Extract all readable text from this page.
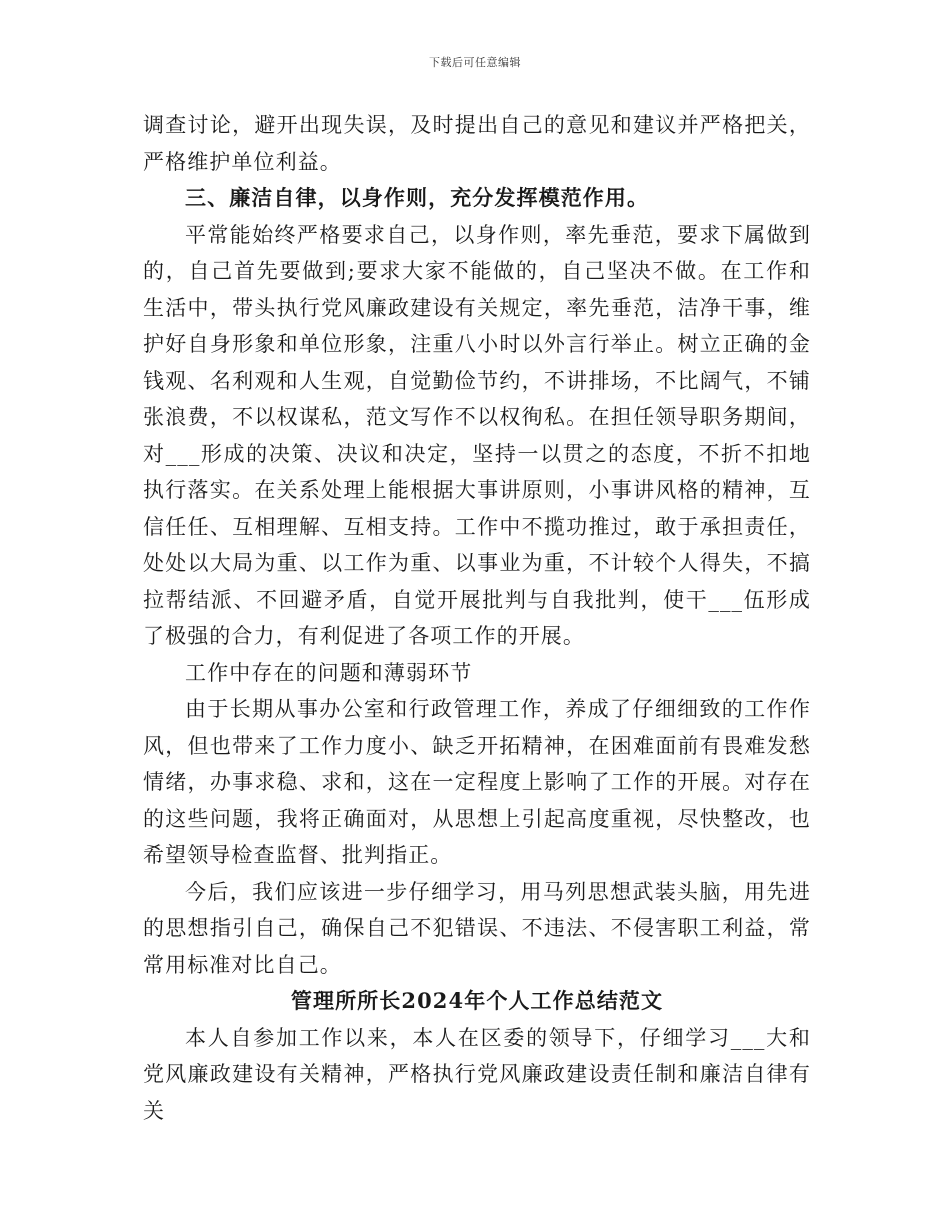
下载后可任意编辑

调查讨论，避开出现失误，及时提出自己的意见和建议并严格把关，严格维护单位利益。

三、廉洁自律，以身作则，充分发挥模范作用。

平常能始终严格要求自己，以身作则，率先垂范，要求下属做到的，自己首先要做到;要求大家不能做的，自己坚决不做。在工作和生活中，带头执行党风廉政建设有关规定，率先垂范，洁净干事，维护好自身形象和单位形象，注重八小时以外言行举止。树立正确的金钱观、名利观和人生观，自觉勤俭节约，不讲排场，不比阔气，不铺张浪费，不以权谋私，范文写作不以权徇私。在担任领导职务期间，对___形成的决策、决议和决定，坚持一以贯之的态度，不折不扣地执行落实。在关系处理上能根据大事讲原则，小事讲风格的精神，互信任任、互相理解、互相支持。工作中不揽功推过，敢于承担责任，处处以大局为重、以工作为重、以事业为重，不计较个人得失，不搞拉帮结派、不回避矛盾，自觉开展批判与自我批判，使干___伍形成了极强的合力，有利促进了各项工作的开展。

工作中存在的问题和薄弱环节

由于长期从事办公室和行政管理工作，养成了仔细细致的工作作风，但也带来了工作力度小、缺乏开拓精神，在困难面前有畏难发愁情绪，办事求稳、求和，这在一定程度上影响了工作的开展。对存在的这些问题，我将正确面对，从思想上引起高度重视，尽快整改，也希望领导检查监督、批判指正。

今后，我们应该进一步仔细学习，用马列思想武装头脑，用先进的思想指引自己，确保自己不犯错误、不违法、不侵害职工利益，常常用标准对比自己。

管理所所长2024年个人工作总结范文

本人自参加工作以来，本人在区委的领导下，仔细学习___大和党风廉政建设有关精神，严格执行党风廉政建设责任制和廉洁自律有关
